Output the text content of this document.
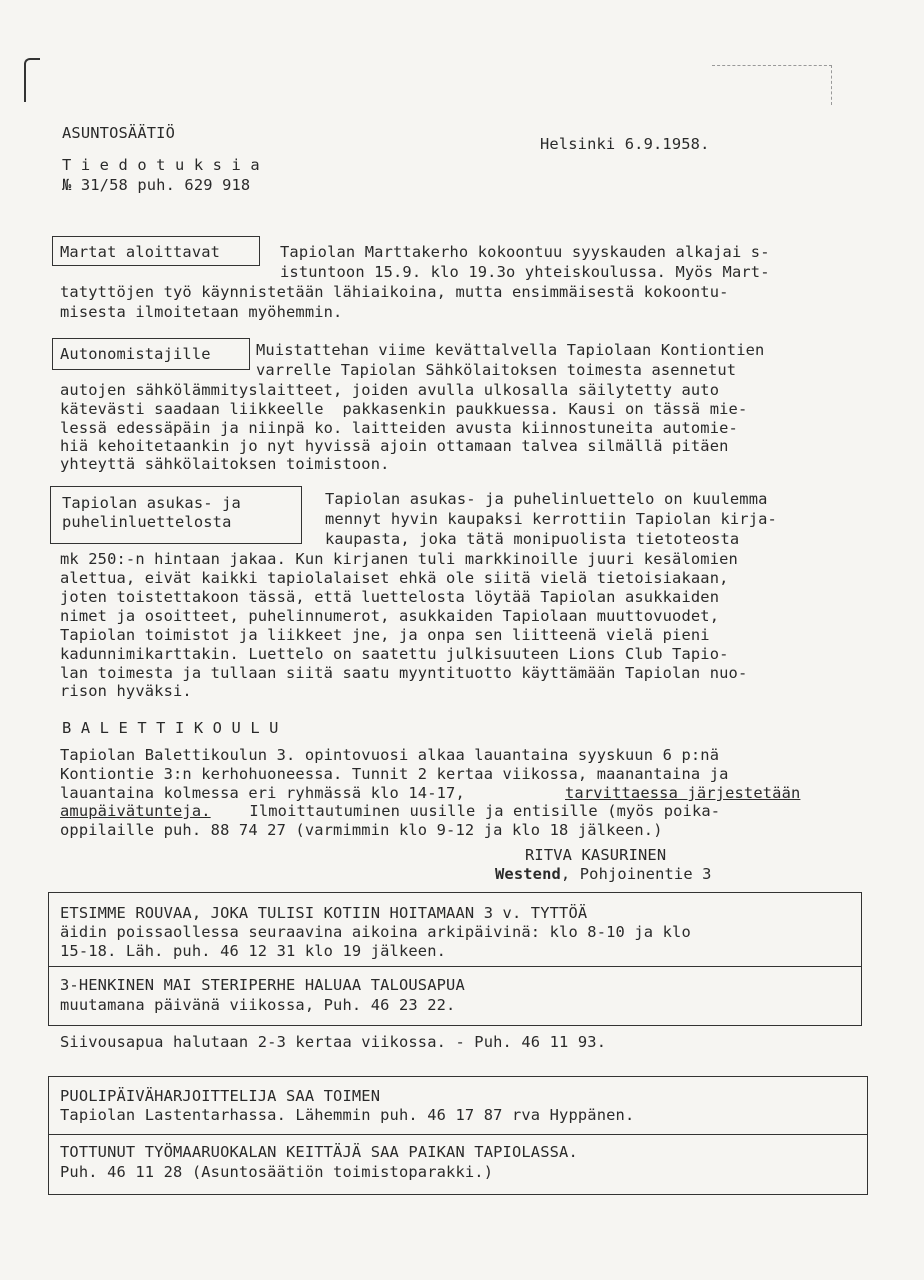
ASUNTOSÄÄTIÖ
T i e d o t u k s i a
№ 31/58 puh. 629 918
Helsinki 6.9.1958.
Martat aloittavat	Tapiolan Marttakerho kokoontuu syyskauden alkajai s-
istuntoon 15.9. klo 19.3o yhteiskoulussa. Myös Mart-
tatyttöjen työ käynnistetään lähiaikoina, mutta ensimmäisestä kokoontu-
misesta ilmoitetaan myöhemmin.
Autonomistajille	Muistattehan viime kevättalvella Tapiolaan Kontiontien
varrelle Tapiolan Sähkölaitoksen toimesta asennetut
autojen sähkölämmityslaitteet, joiden avulla ulkosalla säilytetty auto
kätevästi saadaan liikkeelle  pakkasenkin paukkuessa. Kausi on tässä mie-
lessä edessäpäin ja niinpä ko. laitteiden avusta kiinnostuneita automie-
hiä kehoitetaankin jo nyt hyvissä ajoin ottamaan talvea silmällä pitäen
yhteyttä sähkölaitoksen toimistoon.
Tapiolan asukas- ja
puhelinluettelosta
Tapiolan asukas- ja puhelinluettelo on kuulemma
mennyt hyvin kaupaksi kerrottiin Tapiolan kirja-
kaupasta, joka tätä monipuolista tietoteosta
mk 250:-n hintaan jakaa. Kun kirjanen tuli markkinoille juuri kesälomien
alettua, eivät kaikki tapiolalaiset ehkä ole siitä vielä tietoisiakaan,
joten toistettakoon tässä, että luettelosta löytää Tapiolan asukkaiden
nimet ja osoitteet, puhelinnumerot, asukkaiden Tapiolaan muuttovuodet,
Tapiolan toimistot ja liikkeet jne, ja onpa sen liitteenä vielä pieni
kadunnimikarttakin. Luettelo on saatettu julkisuuteen Lions Club Tapio-
lan toimesta ja tullaan siitä saatu myyntituotto käyttämään Tapiolan nuo-
rison hyväksi.
B A L E T T I K O U L U
Tapiolan Balettikoulun 3. opintovuosi alkaa lauantaina syyskuun 6 p:nä
Kontiontie 3:n kerhohuoneessa. Tunnit 2 kertaa viikossa, maanantaina ja
lauantaina kolmessa eri ryhmässä klo 14-17,	tarvittaessa järjestetään
amupäivätunteja. Ilmoittautuminen uusille ja entisille (myös poika-
oppilaille puh. 88 74 27 (varmimmin klo 9-12 ja klo 18 jälkeen.)
RITVA KASURINEN
Westend, Pohjoinentie 3
ETSIMME ROUVAA, JOKA TULISI KOTIIN HOITAMAAN 3 v. TYTTÖÄ
äidin poissaollessa seuraavina aikoina arkipäivinä: klo 8-10 ja klo
15-18. Läh. puh. 46 12 31 klo 19 jälkeen.
3-HENKINEN MAI STERIPERHE HALUAA TALOUSAPUA
muutamana päivänä viikossa, Puh. 46 23 22.
Siivousapua halutaan 2-3 kertaa viikossa. - Puh. 46 11 93.
PUOLIPÄIVÄHARJOITTELIJA SAA TOIMEN
Tapiolan Lastentarhassa. Lähemmin puh. 46 17 87 rva Hyppänen.
TOTTUNUT TYÖMAARUOKALAN KEITTÄJÄ SAA PAIKAN TAPIOLASSA.
Puh. 46 11 28 (Asuntosäätiön toimistoparakki.)
